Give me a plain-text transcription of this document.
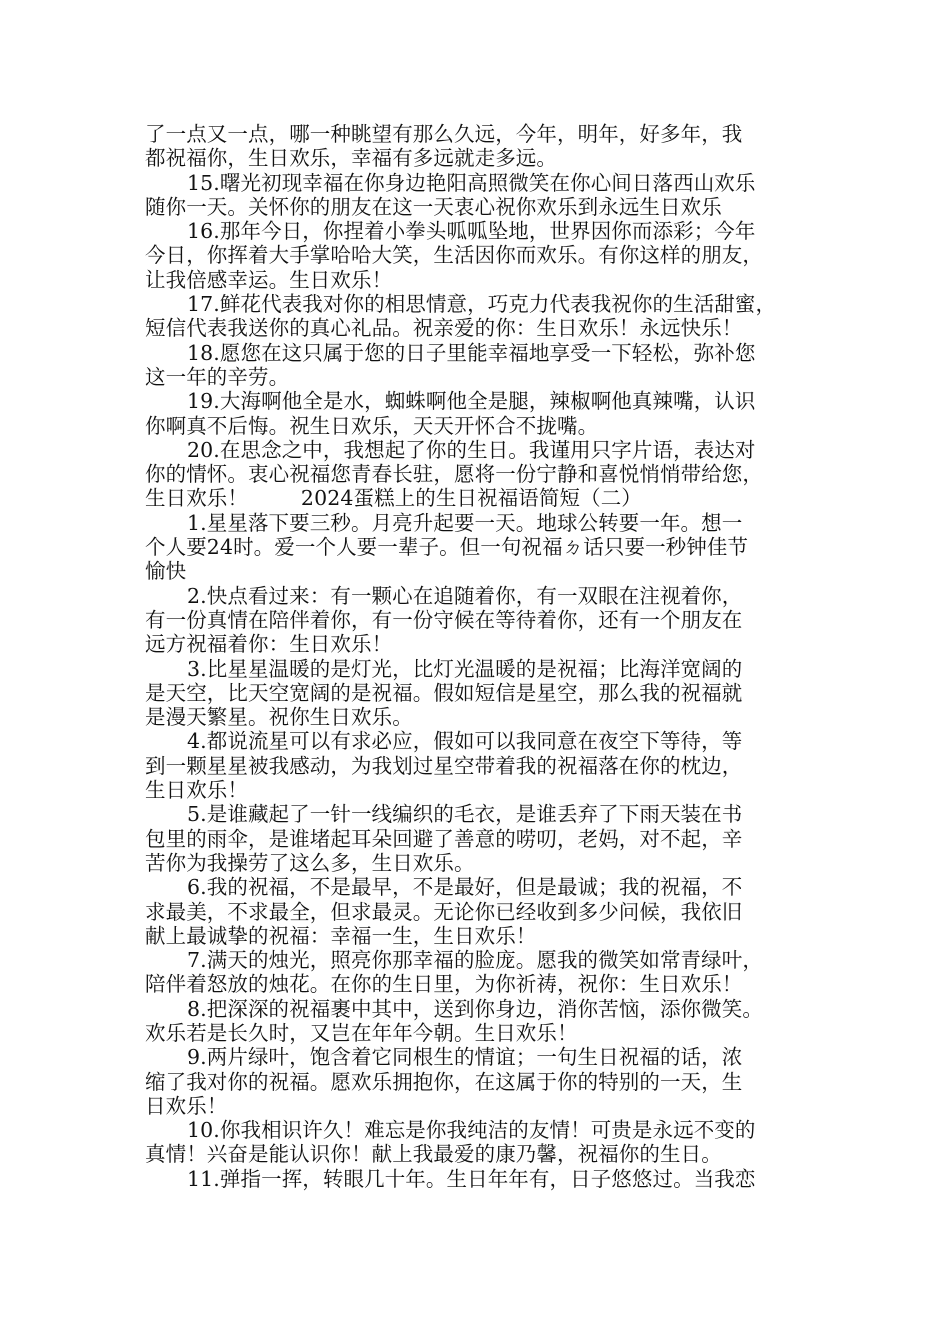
了一点又一点，哪一种眺望有那么久远，今年，明年，好多年，我
都祝福你，生日欢乐，幸福有多远就走多远。
15.曙光初现幸福在你身边艳阳高照微笑在你心间日落西山欢乐
随你一天。关怀你的朋友在这一天衷心祝你欢乐到永远生日欢乐
16.那年今日，你捏着小拳头呱呱坠地，世界因你而添彩；今年
今日，你挥着大手掌哈哈大笑，生活因你而欢乐。有你这样的朋友，
让我倍感幸运。生日欢乐！
17.鲜花代表我对你的相思情意，巧克力代表我祝你的生活甜蜜，
短信代表我送你的真心礼品。祝亲爱的你：生日欢乐！永远快乐！
18.愿您在这只属于您的日子里能幸福地享受一下轻松，弥补您
这一年的辛劳。
19.大海啊他全是水，蜘蛛啊他全是腿，辣椒啊他真辣嘴，认识
你啊真不后悔。祝生日欢乐，天天开怀合不拢嘴。
20.在思念之中，我想起了你的生日。我谨用只字片语，表达对
你的情怀。衷心祝福您青春长驻，愿将一份宁静和喜悦悄悄带给您，
生日欢乐！        2024蛋糕上的生日祝福语简短（二）
1.星星落下要三秒。月亮升起要一天。地球公转要一年。想一
个人要24时。爱一个人要一辈子。但一句祝福ㄉ话只要一秒钟佳节
愉快
2.快点看过来：有一颗心在追随着你，有一双眼在注视着你，
有一份真情在陪伴着你，有一份守候在等待着你，还有一个朋友在
远方祝福着你：生日欢乐！
3.比星星温暖的是灯光，比灯光温暖的是祝福；比海洋宽阔的
是天空，比天空宽阔的是祝福。假如短信是星空，那么我的祝福就
是漫天繁星。祝你生日欢乐。
4.都说流星可以有求必应，假如可以我同意在夜空下等待，等
到一颗星星被我感动，为我划过星空带着我的祝福落在你的枕边，
生日欢乐！
5.是谁藏起了一针一线编织的毛衣，是谁丢弃了下雨天装在书
包里的雨伞，是谁堵起耳朵回避了善意的唠叨，老妈，对不起，辛
苦你为我操劳了这么多，生日欢乐。
6.我的祝福，不是最早，不是最好，但是最诚；我的祝福，不
求最美，不求最全，但求最灵。无论你已经收到多少问候，我依旧
献上最诚挚的祝福：幸福一生，生日欢乐！
7.满天的烛光，照亮你那幸福的脸庞。愿我的微笑如常青绿叶，
陪伴着怒放的烛花。在你的生日里，为你祈祷，祝你：生日欢乐！
8.把深深的祝福裹中其中，送到你身边，消你苦恼，添你微笑。
欢乐若是长久时，又岂在年年今朝。生日欢乐！
9.两片绿叶，饱含着它同根生的情谊；一句生日祝福的话，浓
缩了我对你的祝福。愿欢乐拥抱你，在这属于你的特别的一天，生
日欢乐！
10.你我相识许久！难忘是你我纯洁的友情！可贵是永远不变的
真情！兴奋是能认识你！献上我最爱的康乃馨，祝福你的生日。
11.弹指一挥，转眼几十年。生日年年有，日子悠悠过。当我恋
